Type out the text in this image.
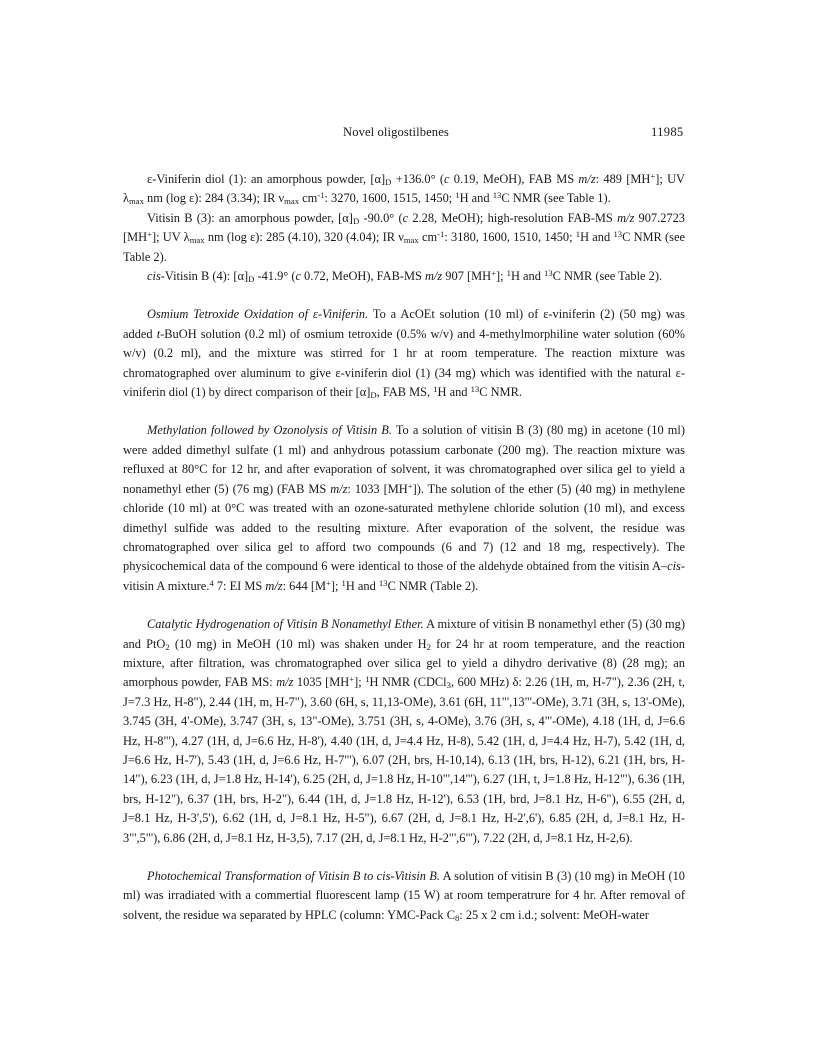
Novel oligostilbenes	11985

ε-Viniferin diol (1): an amorphous powder, $[\alpha]_D +136.0^\circ$ (c 0.19, MeOH), FAB MS m/z: 489 [MH+]; UV $\lambda_{max}$ nm (log ε): 284 (3.34); IR $\nu_{max}$ $cm^{-1}$: 3270, 1600, 1515, 1450; $^1$H and $^{13}$C NMR (see Table 1).

Vitisin B (3): an amorphous powder, $[\alpha]_D$ -90.0° (c 2.28, MeOH); high-resolution FAB-MS m/z 907.2723 [MH+]; UV $\lambda_{max}$ nm (log ε): 285 (4.10), 320 (4.04); IR $\nu_{max}$ $cm^{-1}$: 3180, 1600, 1510, 1450; $^1$H and $^{13}$C NMR (see Table 2).

cis-Vitisin B (4): $[\alpha]_D$ -41.9° (c 0.72, MeOH), FAB-MS m/z 907 [MH+]; $^1$H and $^{13}$C NMR (see Table 2).

Osmium Tetroxide Oxidation of ε-Viniferin. To a AcOEt solution (10 ml) of ε-viniferin (2) (50 mg) was added t-BuOH solution (0.2 ml) of osmium tetroxide (0.5% w/v) and 4-methylmorphiline water solution (60% w/v) (0.2 ml), and the mixture was stirred for 1 hr at room temperature. The reaction mixture was chromatographed over aluminum to give ε-viniferin diol (1) (34 mg) which was identified with the natural ε-viniferin diol (1) by direct comparison of their $[\alpha]_D$, FAB MS, $^1$H and $^{13}$C NMR.

Methylation followed by Ozonolysis of Vitisin B. To a solution of vitisin B (3) (80 mg) in acetone (10 ml) were added dimethyl sulfate (1 ml) and anhydrous potassium carbonate (200 mg). The reaction mixture was refluxed at 80°C for 12 hr, and after evaporation of solvent, it was chromatographed over silica gel to yield a nonamethyl ether (5) (76 mg) (FAB MS m/z: 1033 [MH+]). The solution of the ether (5) (40 mg) in methylene chloride (10 ml) at 0°C was treated with an ozone-saturated methylene chloride solution (10 ml), and excess dimethyl sulfide was added to the resulting mixture. After evaporation of the solvent, the residue was chromatographed over silica gel to afford two compounds (6 and 7) (12 and 18 mg, respectively). The physicochemical data of the compound 6 were identical to those of the aldehyde obtained from the vitisin A–cis-vitisin A mixture.$^4$ 7: EI MS m/z: 644 [M+]; $^1$H and $^{13}$C NMR (Table 2).

Catalytic Hydrogenation of Vitisin B Nonamethyl Ether. A mixture of vitisin B nonamethyl ether (5) (30 mg) and PtO$_2$ (10 mg) in MeOH (10 ml) was shaken under $H_2$ for 24 hr at room temperature, and the reaction mixture, after filtration, was chromatographed over silica gel to yield a dihydro derivative (8) (28 mg); an amorphous powder, FAB MS: m/z 1035 [MH+]; $^1$H NMR (CDCl$_3$, 600 MHz) δ: 2.26 (1H, m, H-7"), 2.36 (2H, t, J=7.3 Hz, H-8"), 2.44 (1H, m, H-7"), 3.60 (6H, s, 11,13-OMe), 3.61 (6H, 11"',13"'-OMe), 3.71 (3H, s, 13'-OMe), 3.745 (3H, 4'-OMe), 3.747 (3H, s, 13"-OMe), 3.751 (3H, s, 4-OMe), 3.76 (3H, s, 4"'-OMe), 4.18 (1H, d, J=6.6 Hz, H-8"'), 4.27 (1H, d, J=6.6 Hz, H-8'), 4.40 (1H, d, J=4.4 Hz, H-8), 5.42 (1H, d, J=4.4 Hz, H-7), 5.42 (1H, d, J=6.6 Hz, H-7'), 5.43 (1H, d, J=6.6 Hz, H-7"'), 6.07 (2H, brs, H-10,14), 6.13 (1H, brs, H-12), 6.21 (1H, brs, H-14"), 6.23 (1H, d, J=1.8 Hz, H-14'), 6.25 (2H, d, J=1.8 Hz, H-10"',14"'), 6.27 (1H, t, J=1.8 Hz, H-12"'), 6.36 (1H, brs, H-12"), 6.37 (1H, brs, H-2"), 6.44 (1H, d, J=1.8 Hz, H-12'), 6.53 (1H, brd, J=8.1 Hz, H-6"), 6.55 (2H, d, J=8.1 Hz, H-3',5'), 6.62 (1H, d, J=8.1 Hz, H-5"), 6.67 (2H, d, J=8.1 Hz, H-2',6'), 6.85 (2H, d, J=8.1 Hz, H-3"',5"'), 6.86 (2H, d, J=8.1 Hz, H-3,5), 7.17 (2H, d, J=8.1 Hz, H-2"',6"'), 7.22 (2H, d, J=8.1 Hz, H-2,6).

Photochemical Transformation of Vitisin B to cis-Vitisin B. A solution of vitisin B (3) (10 mg) in MeOH (10 ml) was irradiated with a commertial fluorescent lamp (15 W) at room temperatrure for 4 hr. After removal of solvent, the residue wa separated by HPLC (column: YMC-Pack $C_8$: 25 x 2 cm i.d.; solvent: MeOH-water
